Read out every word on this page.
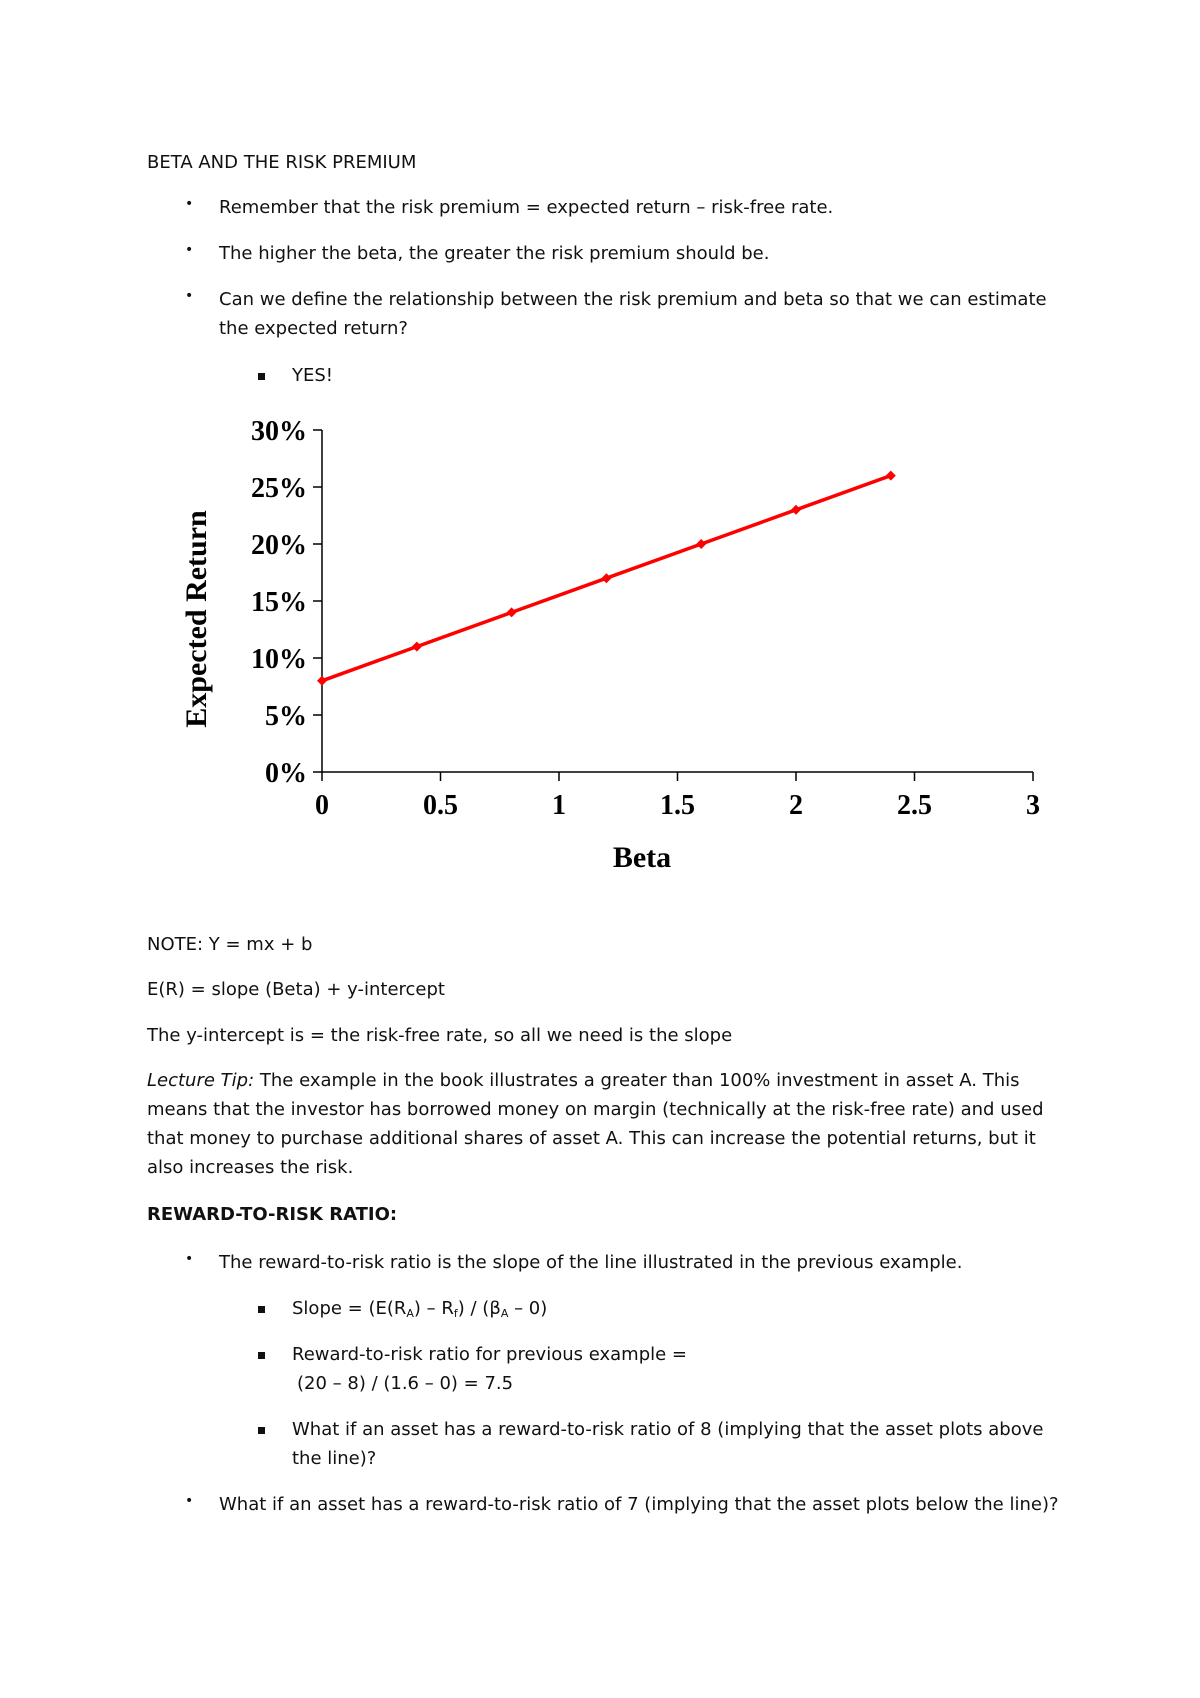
BETA AND THE RISK PREMIUM
• Remember that the risk premium = expected return – risk-free rate.
• The higher the beta, the greater the risk premium should be.
• Can we define the relationship between the risk premium and beta so that we can estimate
the expected return?
YES!
0	0.5	1	1.5	2	2.5	3
0%
5%
10%
15%
20%
25%
30%
Beta
Expected Return
NOTE: Y = mx + b
E(R) = slope (Beta) + y-intercept
The y-intercept is = the risk-free rate, so all we need is the slope
Lecture Tip: The example in the book illustrates a greater than 100% investment in asset A. This
means that the investor has borrowed money on margin (technically at the risk-free rate) and used
that money to purchase additional shares of asset A. This can increase the potential returns, but it
also increases the risk.
REWARD-TO-RISK RATIO:
• The reward-to-risk ratio is the slope of the line illustrated in the previous example.
Slope = $(E(R_A) - R_f) / (\beta_A - 0)$
Reward-to-risk ratio for previous example =
(20 – 8) / (1.6 – 0) = 7.5
What if an asset has a reward-to-risk ratio of 8 (implying that the asset plots above
the line)?
• What if an asset has a reward-to-risk ratio of 7 (implying that the asset plots below the line)?
